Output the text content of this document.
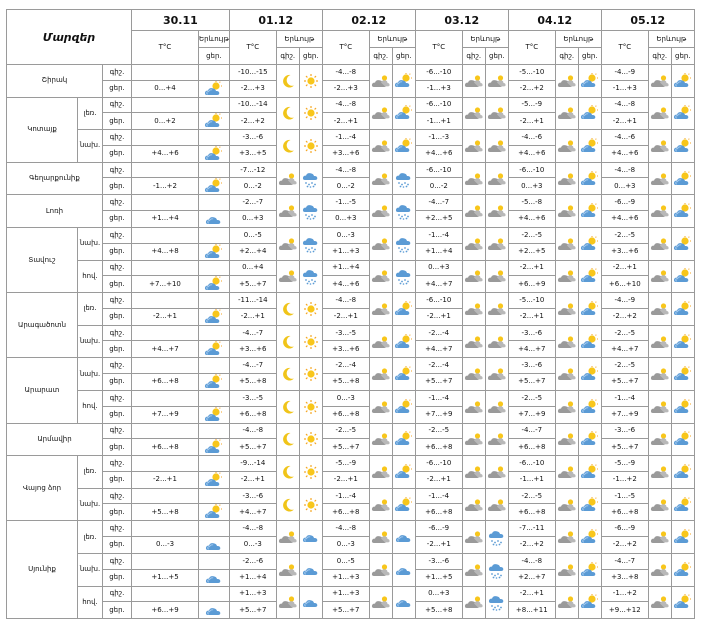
Մարզեր			30.11		01.12			02.12			03.12			04.12			05.12		
			T°C	Երևույթ	T°C	Երևույթ		T°C	Երևույթ		T°C	Երևույթ		T°C	Երևույթ		T°C	Երևույթ	
				ցեր.		գիշ.	ցեր.		գիշ.	ցեր.		գիշ.	ցեր.		գիշ.	ցեր.		գիշ.	ցեր.
Շիրակ		գիշ.			-10...-15			-4...-8			-6...-10			-5...-10			-4...-9	

		ցեր.	0...+4		-2...+3			-2...+3			-1...+3			-2...+2			-1...+3		
Կոտայք	լեռ.	գիշ.			-10...-14			-4...-8			-6...-10			-5...-9			-4...-8	

		ցեր.	0...+2		-2...+2			-2...+1			-1...+1			-2...+1			-2...+1		
	նախ.	գիշ.			-3...-6			-1...-4			-1...-3			-4...-6			-4...-6	

		ցեր.	+4...+6		+3...+5			+3...+6			+4...+6			+4...+6			+4...+6		
Գեղարքունիք		գիշ.			-7...-12			-4...-8			-6...-10			-6...-10			-4...-8	

		ցեր.	-1...+2		0...-2			0...-2			0...-2			0...+3			0...+3		
Լոռի		գիշ.			-2...-7			-1...-5			-4...-7			-5...-8			-6...-9	

		ցեր.	+1...+4		0...+3			0...+3			+2...+5			+4...+6			+4...+6		
Տավուշ	նախ.	գիշ.			0...-5			0...-3			-1...-4			-2...-5			-2...-5	

		ցեր.	+4...+8		+2...+4			+1...+3			+1...+4			+2...+5			+3...+6		
	հով.	գիշ.			0...+4			+1...+4			0...+3			-2...+1			-2...+1	

		ցեր.	+7...+10		+5...+7			+4...+6			+4...+7			+6...+9			+6...+10		
Արագածոտն	լեռ.	գիշ.			-11...-14			-4...-8			-6...-10			-5...-10			-4...-9	

		ցեր.	-2...+1		-2...+1			-2...+1			-2...+1			-2...+1			-2...+2		
	նախ.	գիշ.			-4...-7			-3...-5			-2...-4			-3...-6			-2...-5	

		ցեր.	+4...+7		+3...+6			+3...+6			+4...+7			+4...+7			+4...+7		
Արարատ	նախ.	գիշ.			-4...-7			-2...-4			-2...-4			-3...-6			-2...-5	

		ցեր.	+6...+8		+5...+8			+5...+8			+5...+7			+5...+7			+5...+7		
	հով.	գիշ.			-3...-5			0...-3			-1...-4			-2...-5			-1...-4	

		ցեր.	+7...+9		+6...+8			+6...+8			+7...+9			+7...+9			+7...+9		
Արմավիր		գիշ.			-4...-8			-2...-5			-2...-5			-4...-7			-3...-6	

		ցեր.	+6...+8		+5...+7			+5...+7			+6...+8			+6...+8			+5...+7		
Վայոց ձոր	լեռ.	գիշ.			-9...-14			-5...-9			-6...-10			-6...-10			-5...-9	

		ցեր.	-2...+1		-2...+1			-2...+1			-2...+1			-1...+1			-1...+2		
	նախ.	գիշ.			-3...-6			-1...-4			-1...-4			-2...-5			-1...-5	

		ցեր.	+5...+8		+4...+7			+6...+8			+6...+8			+6...+8			+6...+8		
Սյունիք	լեռ.	գիշ.			-4...-8			-4...-8			-6...-9			-7...-11			-6...-9	

		ցեր.	0...-3		0...-3			0...-3			-2...+1			-2...+2			-2...+2		
	նախ.	գիշ.			-2...-6			0...-5			-3...-6			-4...-8			-4...-7	

		ցեր.	+1...+5		+1...+4			+1...+3			+1...+5			+2...+7			+3...+8		
	հով.	գիշ.			+1...+3			+1...+3			0...+3			-2...+1			-1...+2	

		ցեր.	+6...+9		+5...+7			+5...+7			+5...+8			+8...+11			+9...+12		
